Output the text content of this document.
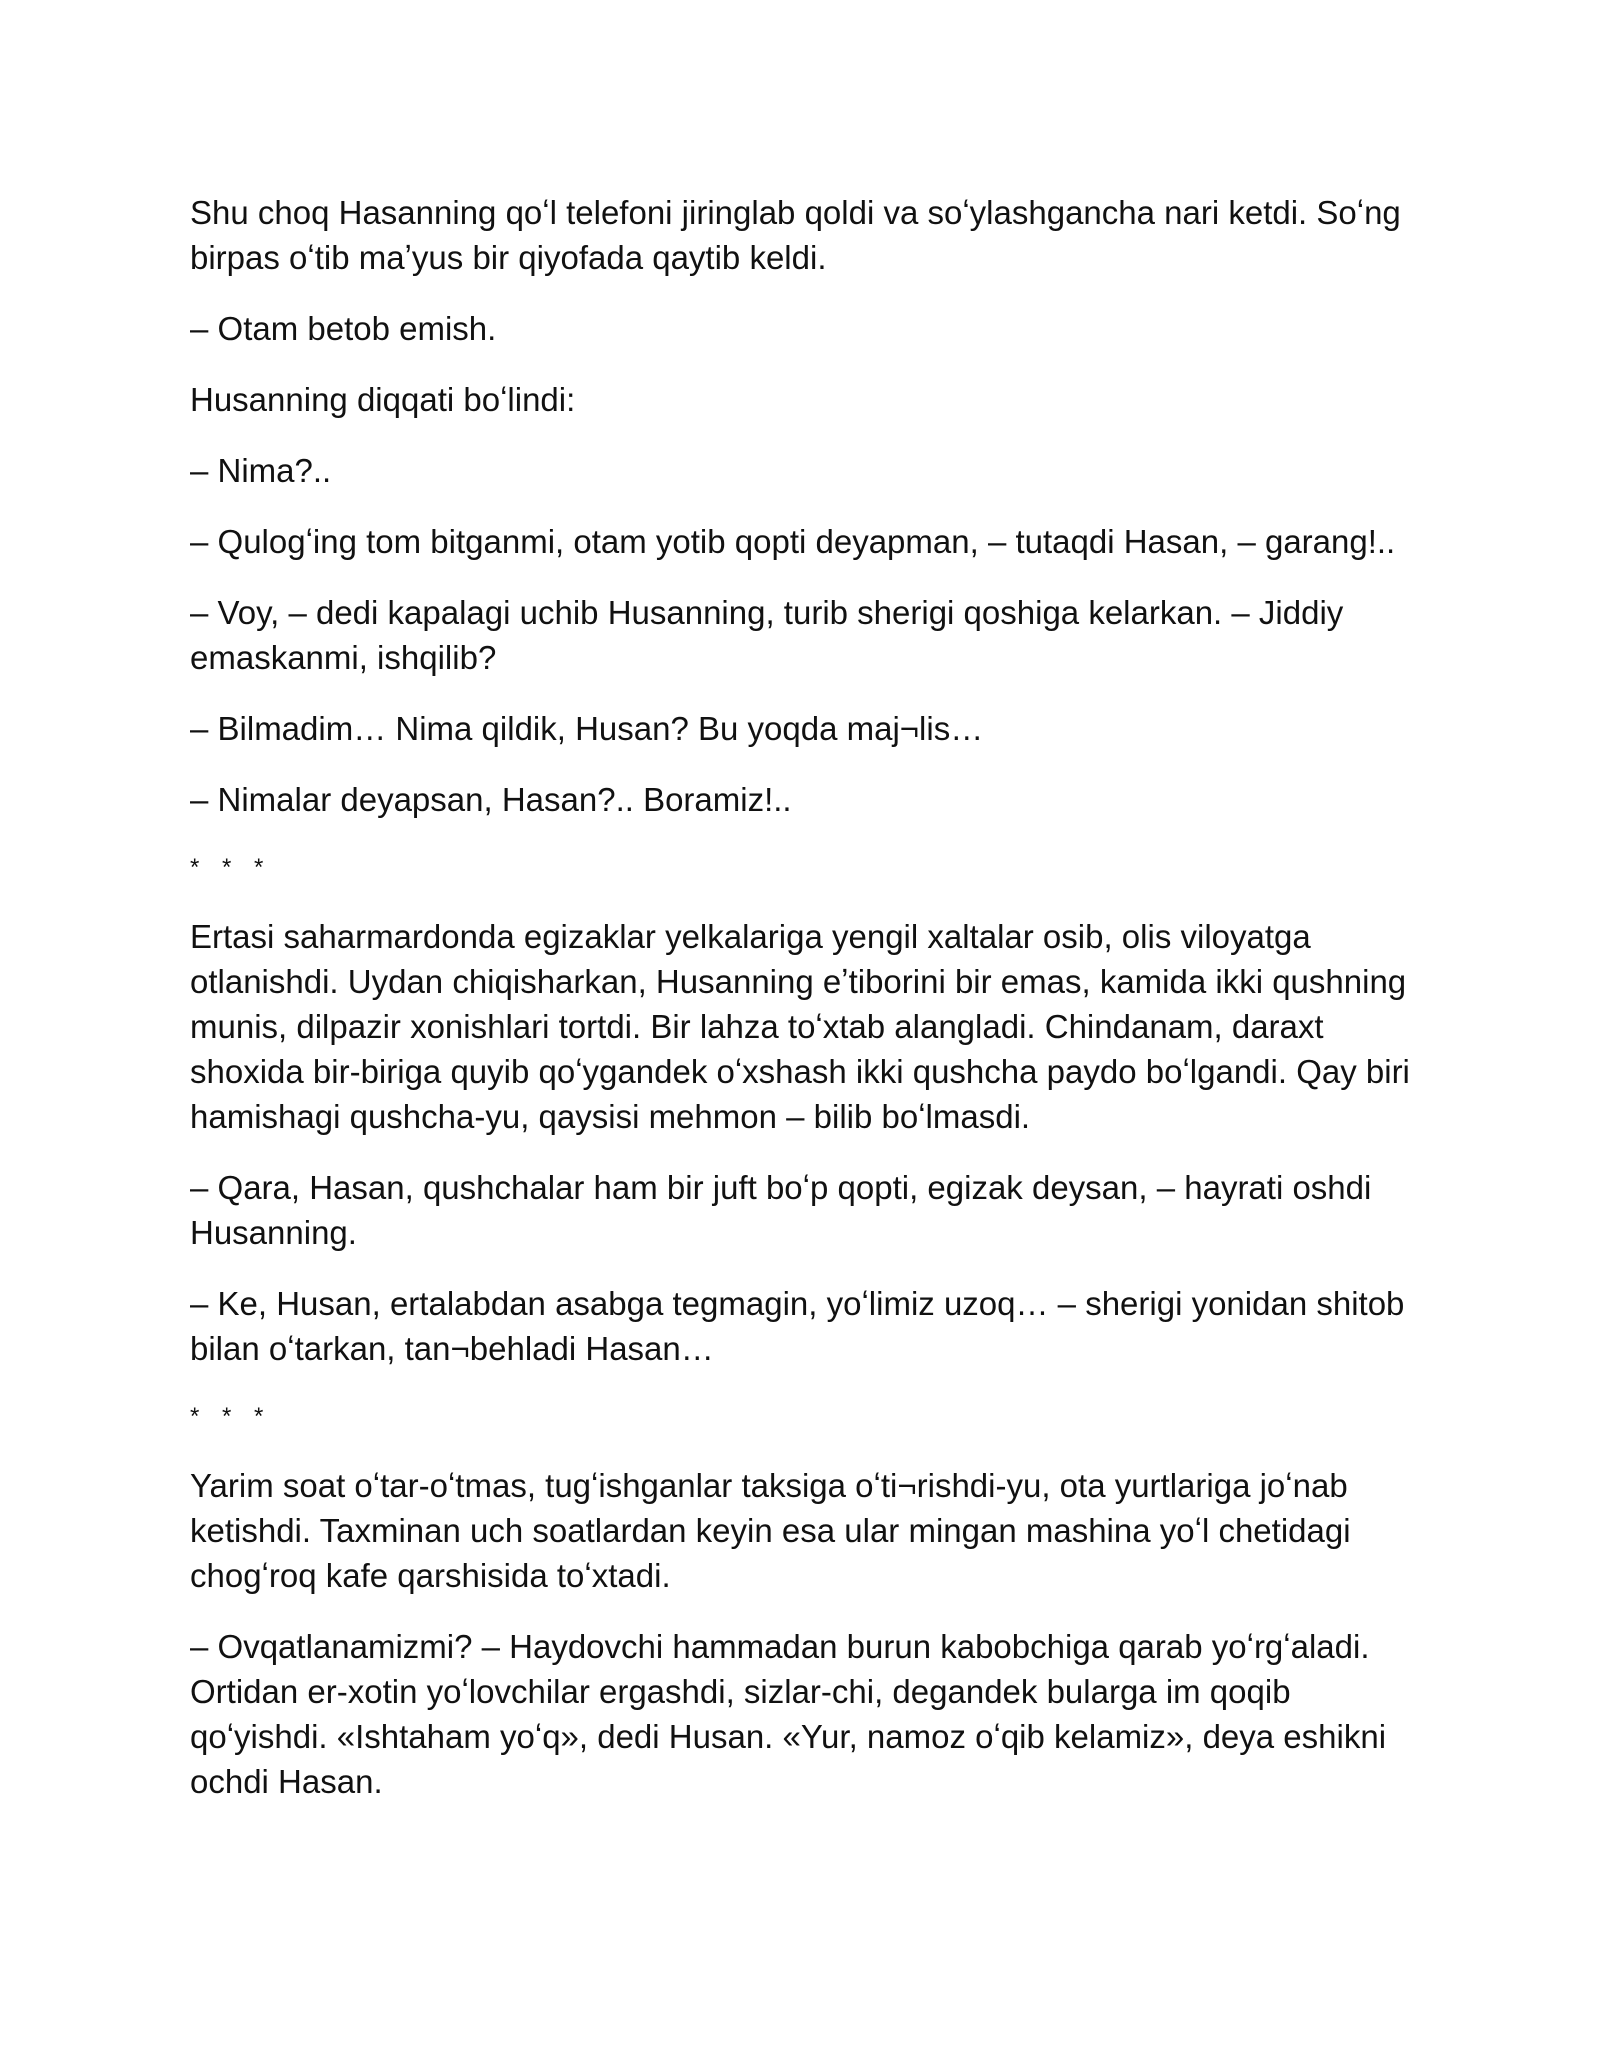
Shu choq Hasanning qoʻl telefoni jiringlab qoldi va soʻylashgancha nari ketdi. Soʻng birpas oʻtib maʼyus bir qiyofada qaytib keldi.

– Otam betob emish.

Husanning diqqati boʻlindi:

– Nima?..

– Qulogʻing tom bitganmi, otam yotib qopti deyapman, – tutaqdi Hasan, – garang!..

– Voy, – dedi kapalagi uchib Husanning, turib sherigi qoshiga kelarkan. – Jiddiy emaskanmi, ishqilib?

– Bilmadim… Nima qildik, Husan? Bu yoqda maj¬lis…

– Nimalar deyapsan, Hasan?.. Boramiz!..

* * *

Ertasi saharmardonda egizaklar yelkalariga yengil xaltalar osib, olis viloyatga otlanishdi. Uydan chiqisharkan, Husanning eʼtiborini bir emas, kamida ikki qushning munis, dilpazir xonishlari tortdi. Bir lahza toʻxtab alangladi. Chindanam, daraxt shoxida bir-biriga quyib qoʻygandek oʻxshash ikki qushcha paydo boʻlgandi. Qay biri hamishagi qushcha-yu, qaysisi mehmon – bilib boʻlmasdi.

– Qara, Hasan, qushchalar ham bir juft boʻp qopti, egizak deysan, – hayrati oshdi Husanning.

– Ke, Husan, ertalabdan asabga tegmagin, yoʻlimiz uzoq… – sherigi yonidan shitob bilan oʻtarkan, tan¬behladi Hasan…

* * *

Yarim soat oʻtar-oʻtmas, tugʻishganlar taksiga oʻti¬rishdi-yu, ota yurtlariga joʻnab ketishdi. Taxminan uch soatlardan keyin esa ular mingan mashina yoʻl chetidagi chogʻroq kafe qarshisida toʻxtadi.

– Ovqatlanamizmi? – Haydovchi hammadan burun kabobchiga qarab yoʻrgʻaladi. Ortidan er-xotin yoʻlovchilar ergashdi, sizlar-chi, degandek bularga im qoqib qoʻyishdi. «Ishtaham yoʻq», dedi Husan. «Yur, namoz oʻqib kelamiz», deya eshikni ochdi Hasan.
